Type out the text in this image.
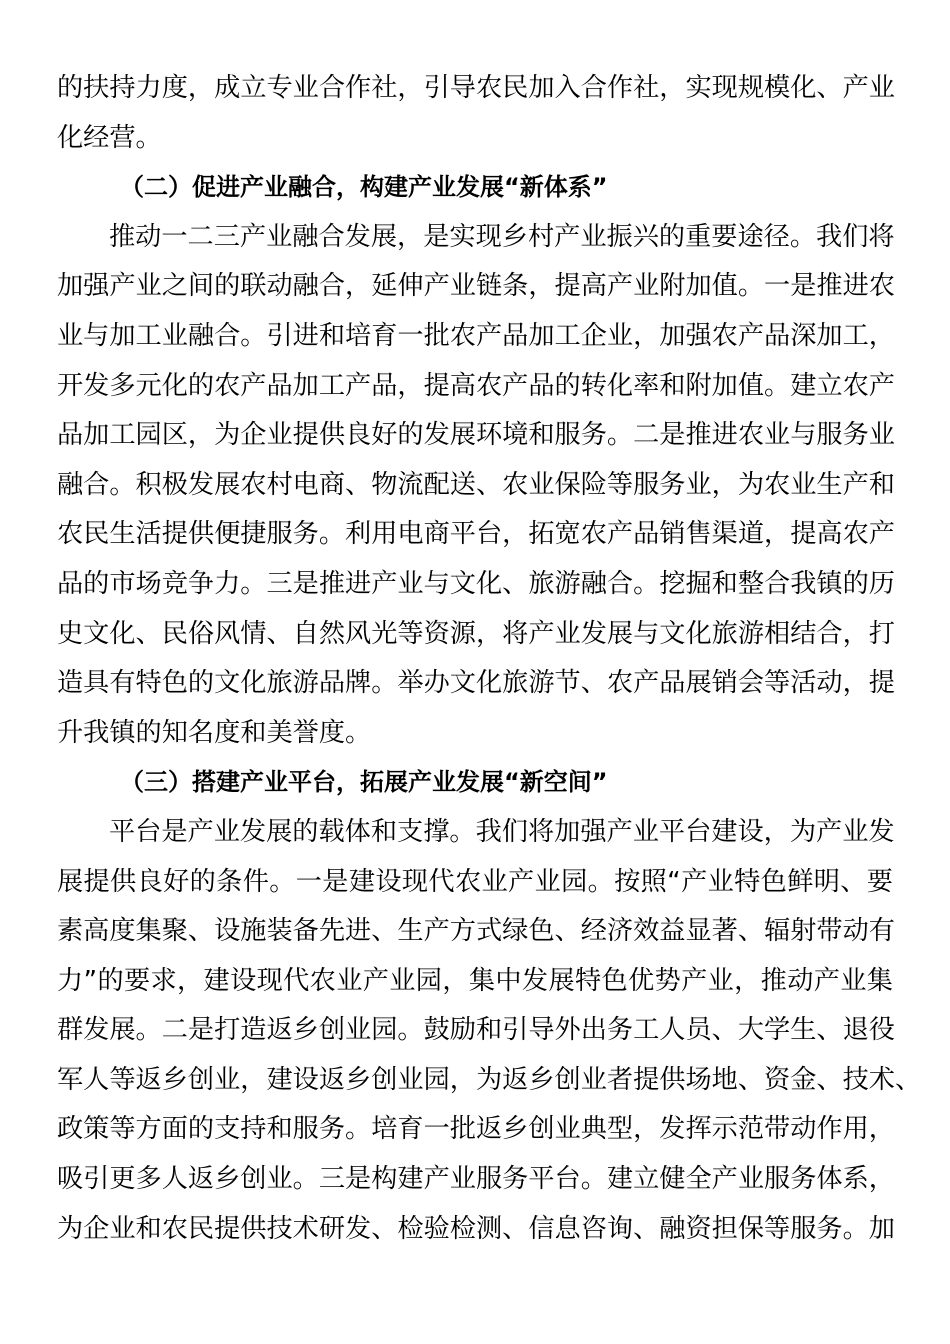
的扶持力度，成立专业合作社，引导农民加入合作社，实现规模化、产业
化经营。
（二）促进产业融合，构建产业发展“新体系”
推动一二三产业融合发展，是实现乡村产业振兴的重要途径。我们将
加强产业之间的联动融合，延伸产业链条，提高产业附加值。一是推进农
业与加工业融合。引进和培育一批农产品加工企业，加强农产品深加工，
开发多元化的农产品加工产品，提高农产品的转化率和附加值。建立农产
品加工园区，为企业提供良好的发展环境和服务。二是推进农业与服务业
融合。积极发展农村电商、物流配送、农业保险等服务业，为农业生产和
农民生活提供便捷服务。利用电商平台，拓宽农产品销售渠道，提高农产
品的市场竞争力。三是推进产业与文化、旅游融合。挖掘和整合我镇的历
史文化、民俗风情、自然风光等资源，将产业发展与文化旅游相结合，打
造具有特色的文化旅游品牌。举办文化旅游节、农产品展销会等活动，提
升我镇的知名度和美誉度。
（三）搭建产业平台，拓展产业发展“新空间”
平台是产业发展的载体和支撑。我们将加强产业平台建设，为产业发
展提供良好的条件。一是建设现代农业产业园。按照“产业特色鲜明、要
素高度集聚、设施装备先进、生产方式绿色、经济效益显著、辐射带动有
力”的要求，建设现代农业产业园，集中发展特色优势产业，推动产业集
群发展。二是打造返乡创业园。鼓励和引导外出务工人员、大学生、退役
军人等返乡创业，建设返乡创业园，为返乡创业者提供场地、资金、技术、
政策等方面的支持和服务。培育一批返乡创业典型，发挥示范带动作用，
吸引更多人返乡创业。三是构建产业服务平台。建立健全产业服务体系，
为企业和农民提供技术研发、检验检测、信息咨询、融资担保等服务。加
